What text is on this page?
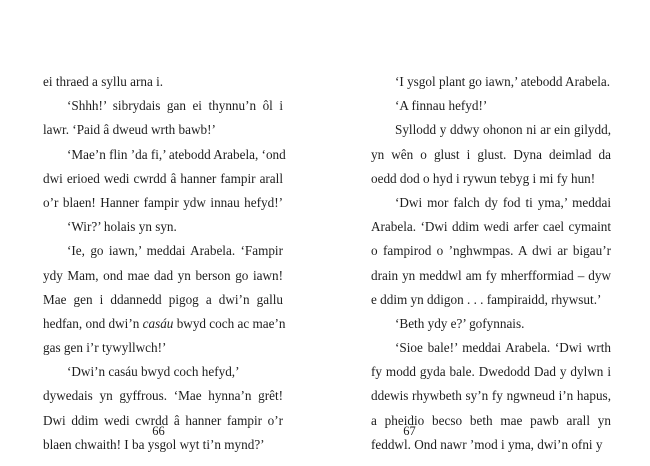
ei thraed a syllu arna i.
‘Shhh!’ sibrydais gan ei thynnu’n ôl i
lawr. ‘Paid â dweud wrth bawb!’
‘Mae’n flin ’da fi,’ atebodd Arabela, ‘ond
dwi erioed wedi cwrdd â hanner fampir arall
o’r blaen! Hanner fampir ydw innau hefyd!’
‘Wir?’ holais yn syn.
‘Ie, go iawn,’ meddai Arabela. ‘Fampir
ydy Mam, ond mae dad yn berson go iawn!
Mae gen i ddannedd pigog a dwi’n gallu
hedfan, ond dwi’n casáu bwyd coch ac mae’n
gas gen i’r tywyllwch!’
‘Dwi’n casáu bwyd coch hefyd,’
dywedais yn gyffrous. ‘Mae hynna’n grêt!
Dwi ddim wedi cwrdd â hanner fampir o’r
blaen chwaith! I ba ysgol wyt ti’n mynd?’
66
‘I ysgol plant go iawn,’ atebodd Arabela.
‘A finnau hefyd!’
Syllodd y ddwy ohonon ni ar ein gilydd,
yn wên o glust i glust. Dyna deimlad da
oedd dod o hyd i rywun tebyg i mi fy hun!
‘Dwi mor falch dy fod ti yma,’ meddai
Arabela. ‘Dwi ddim wedi arfer cael cymaint
o fampirod o ’nghwmpas. A dwi ar bigau’r
drain yn meddwl am fy mherfformiad – dyw
e ddim yn ddigon . . . fampiraidd, rhywsut.’
‘Beth ydy e?’ gofynnais.
‘Sioe bale!’ meddai Arabela. ‘Dwi wrth
fy modd gyda bale. Dwedodd Dad y dylwn i
ddewis rhywbeth sy’n fy ngwneud i’n hapus,
a pheidio becso beth mae pawb arall yn
feddwl. Ond nawr ’mod i yma, dwi’n ofni y
67
